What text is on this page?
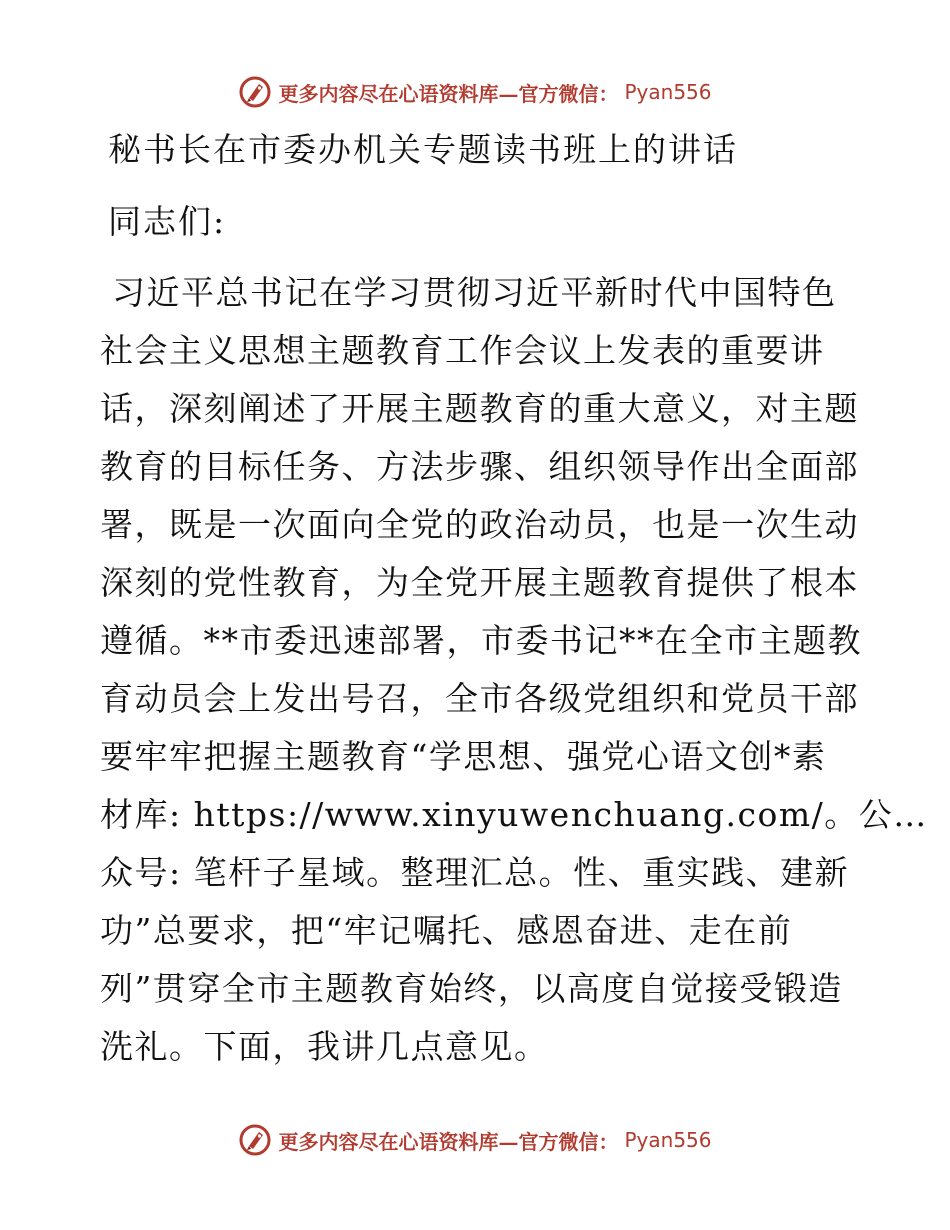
更多内容尽在心语资料库—官方微信： Pyan556
秘书长在市委办机关专题读书班上的讲话
同志们:
习近平总书记在学习贯彻习近平新时代中国特色
社会主义思想主题教育工作会议上发表的重要讲
话，深刻阐述了开展主题教育的重大意义，对主题
教育的目标任务、方法步骤、组织领导作出全面部
署，既是一次面向全党的政治动员，也是一次生动
深刻的党性教育，为全党开展主题教育提供了根本
遵循。**市委迅速部署，市委书记**在全市主题教
育动员会上发出号召，全市各级党组织和党员干部
要牢牢把握主题教育“学思想、强党心语文创*素
材库: https://www.xinyuwenchuang.com/。公…
众号: 笔杆子星域。整理汇总。性、重实践、建新
功”总要求，把“牢记嘱托、感恩奋进、走在前
列”贯穿全市主题教育始终，以高度自觉接受锻造
洗礼。下面，我讲几点意见。
更多内容尽在心语资料库—官方微信： Pyan556
